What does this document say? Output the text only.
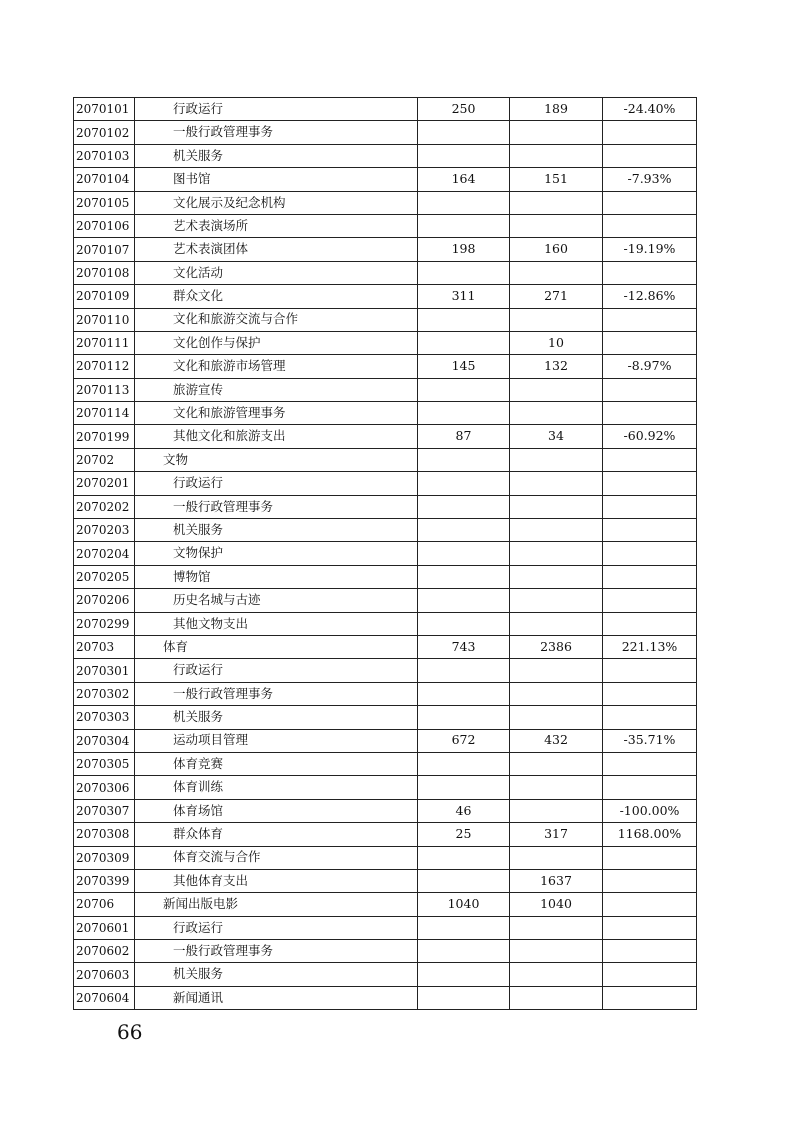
2070101	行政运行	250	189	-24.40%
2070102	一般行政管理事务			
2070103	机关服务			
2070104	图书馆	164	151	-7.93%
2070105	文化展示及纪念机构			
2070106	艺术表演场所			
2070107	艺术表演团体	198	160	-19.19%
2070108	文化活动			
2070109	群众文化	311	271	-12.86%
2070110	文化和旅游交流与合作			
2070111	文化创作与保护		10	
2070112	文化和旅游市场管理	145	132	-8.97%
2070113	旅游宣传			
2070114	文化和旅游管理事务			
2070199	其他文化和旅游支出	87	34	-60.92%
20702	文物			
2070201	行政运行			
2070202	一般行政管理事务			
2070203	机关服务			
2070204	文物保护			
2070205	博物馆			
2070206	历史名城与古迹			
2070299	其他文物支出			
20703	体育	743	2386	221.13%
2070301	行政运行			
2070302	一般行政管理事务			
2070303	机关服务			
2070304	运动项目管理	672	432	-35.71%
2070305	体育竞赛			
2070306	体育训练			
2070307	体育场馆	46		-100.00%
2070308	群众体育	25	317	1168.00%
2070309	体育交流与合作			
2070399	其他体育支出		1637	
20706	新闻出版电影	1040	1040	
2070601	行政运行			
2070602	一般行政管理事务			
2070603	机关服务			
2070604	新闻通讯			
66
